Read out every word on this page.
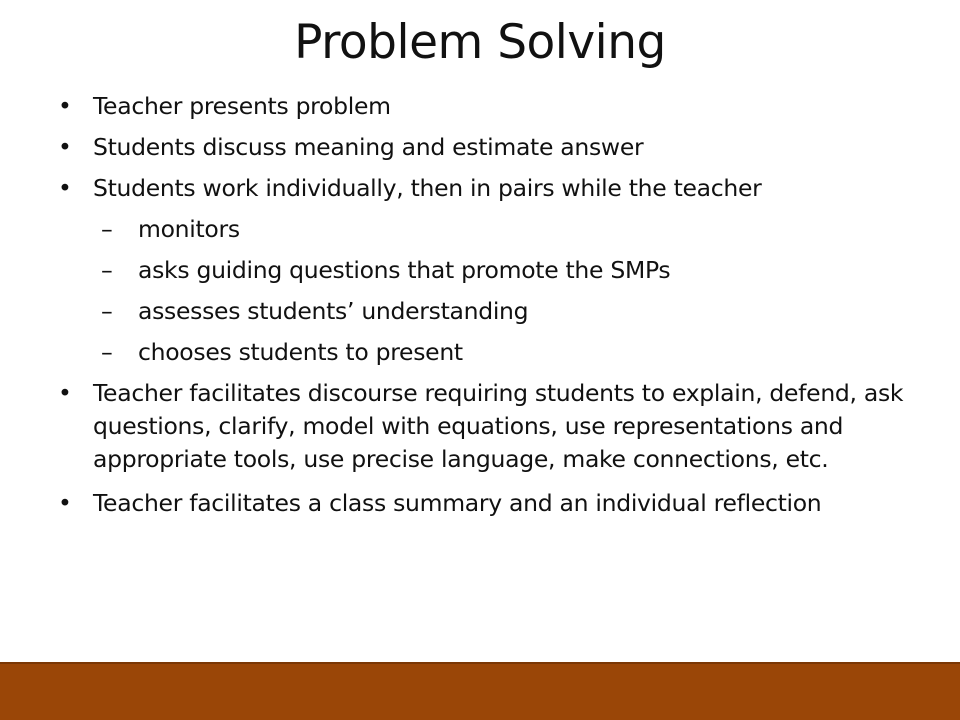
Problem Solving
• Teacher presents problem
• Students discuss meaning and estimate answer
• Students work individually, then in pairs while the teacher
– monitors
– asks guiding questions that promote the SMPs
– assesses students’ understanding
– chooses students to present
• Teacher facilitates discourse requiring students to explain, defend, ask questions, clarify, model with equations, use representations and appropriate tools, use precise language, make connections, etc.
• Teacher facilitates a class summary and an individual reflection
